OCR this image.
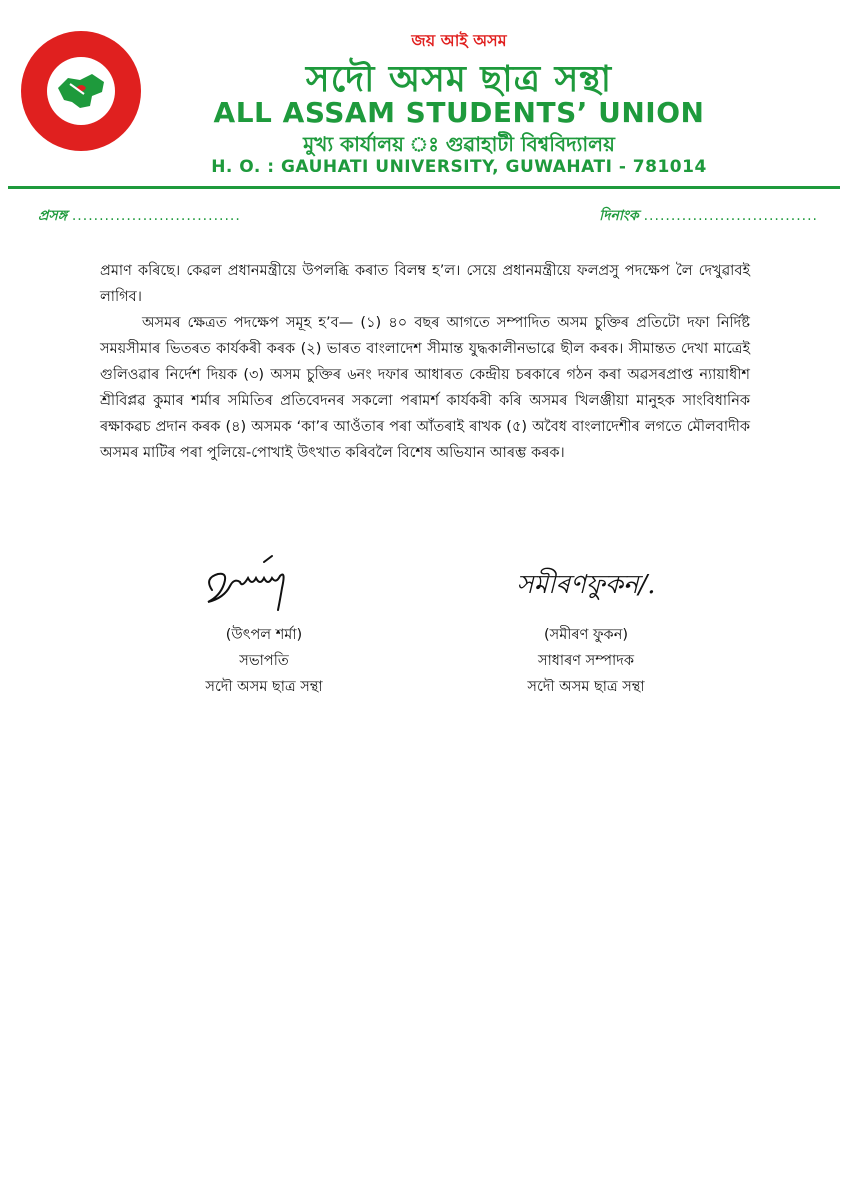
জয় আই অসম
সদৌ অসম ছাত্ৰ সন্থা
ALL ASSAM STUDENTS’ UNION
মুখ্য কাৰ্যালয় ঃ গুৱাহাটী বিশ্ববিদ্যালয়
H. O. : GAUHATI UNIVERSITY, GUWAHATI - 781014
প্ৰসঙ্গ ...............................	দিনাংক ................................

প্ৰমাণ কৰিছে। কেৱল প্ৰধানমন্ত্ৰীয়ে উপলব্ধি কৰাত বিলম্ব হ’ল। সেয়ে প্ৰধানমন্ত্ৰীয়ে ফলপ্ৰসু পদক্ষেপ লৈ দেখুৱাবই লাগিব।

অসমৰ ক্ষেত্ৰত পদক্ষেপ সমূহ হ’ব— (১) ৪০ বছৰ আগতে সম্পাদিত অসম চুক্তিৰ প্ৰতিটো দফা নিৰ্দিষ্ট সময়সীমাৰ ভিতৰত কাৰ্যকৰী কৰক (২) ভাৰত বাংলাদেশ সীমান্ত যুদ্ধকালীনভাৱে ছীল কৰক। সীমান্তত দেখা মাত্ৰেই গুলিওৱাৰ নিৰ্দেশ দিয়ক (৩) অসম চুক্তিৰ ৬নং দফাৰ আধাৰত কেন্দ্ৰীয় চৰকাৰে গঠন কৰা অৱসৰপ্ৰাপ্ত ন্যায়াধীশ শ্ৰীবিপ্লৱ কুমাৰ শৰ্মাৰ সমিতিৰ প্ৰতিবেদনৰ সকলো পৰামৰ্শ কাৰ্যকৰী কৰি অসমৰ খিলঞ্জীয়া মানুহক সাংবিধানিক ৰক্ষাকৱচ প্ৰদান কৰক (৪) অসমক ‘কা’ৰ আওঁতাৰ পৰা আঁতৰাই ৰাখক (৫) অবৈধ বাংলাদেশীৰ লগতে মৌলবাদীক অসমৰ মাটিৰ পৰা পুলিয়ে-পোখাই উৎখাত কৰিবলৈ বিশেষ অভিযান আৰম্ভ কৰক।

(উৎপল শৰ্মা)
সভাপতি
সদৌ অসম ছাত্ৰ সন্থা
সমীৰণফুকন/.
(সমীৰণ ফুকন)
সাধাৰণ সম্পাদক
সদৌ অসম ছাত্ৰ সন্থা
